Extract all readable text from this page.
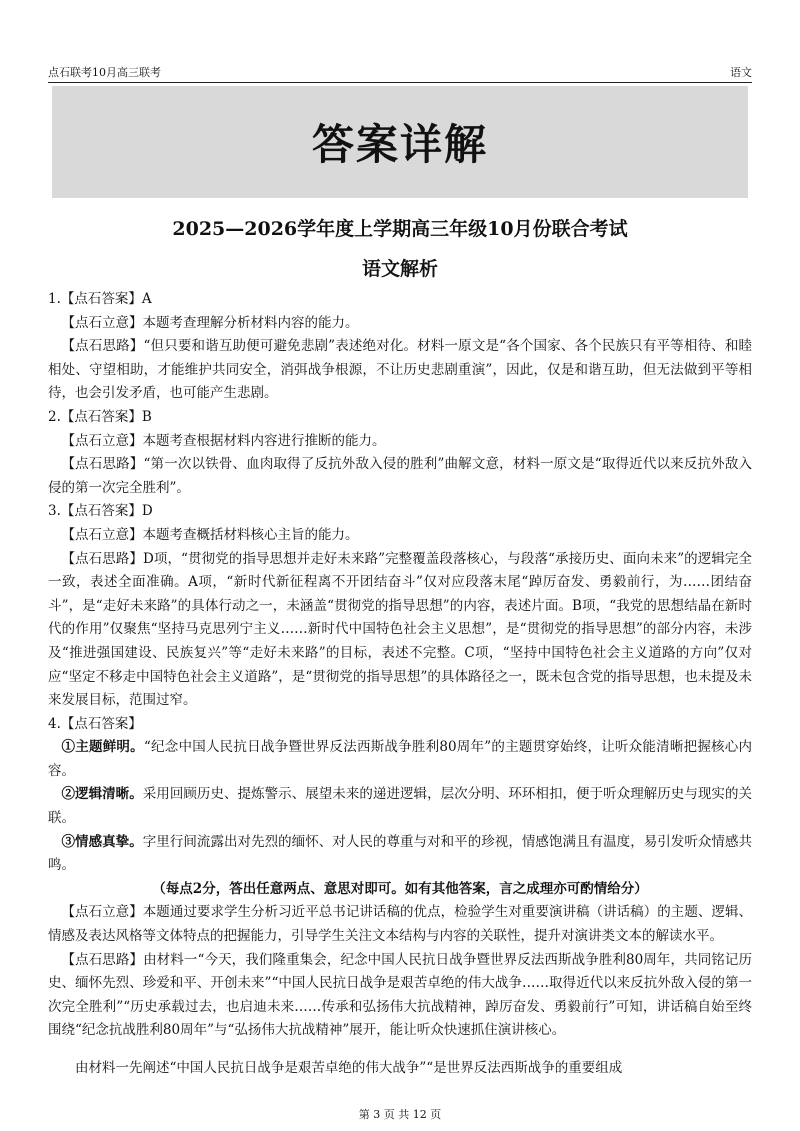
点石联考10月高三联考	语文
答案详解
2025—2026学年度上学期高三年级10月份联合考试
语文解析

1.【点石答案】A

【点石立意】本题考查理解分析材料内容的能力。

【点石思路】“但只要和谐互助便可避免悲剧”表述绝对化。材料一原文是“各个国家、各个民族只有平等相待、和睦相处、守望相助，才能维护共同安全，消弭战争根源，不让历史悲剧重演”，因此，仅是和谐互助，但无法做到平等相待，也会引发矛盾，也可能产生悲剧。

2.【点石答案】B

【点石立意】本题考查根据材料内容进行推断的能力。

【点石思路】“第一次以铁骨、血肉取得了反抗外敌入侵的胜利”曲解文意，材料一原文是“取得近代以来反抗外敌入侵的第一次完全胜利”。

3.【点石答案】D

【点石立意】本题考查概括材料核心主旨的能力。

【点石思路】D项，“贯彻党的指导思想并走好未来路”完整覆盖段落核心，与段落“承接历史、面向未来”的逻辑完全一致，表述全面准确。A项，“新时代新征程离不开团结奋斗”仅对应段落末尾“踔厉奋发、勇毅前行，为……团结奋斗”，是“走好未来路”的具体行动之一，未涵盖“贯彻党的指导思想”的内容，表述片面。B项，“我党的思想结晶在新时代的作用”仅聚焦“坚持马克思列宁主义……新时代中国特色社会主义思想”，是“贯彻党的指导思想”的部分内容，未涉及“推进强国建设、民族复兴”等“走好未来路”的目标，表述不完整。C项，“坚持中国特色社会主义道路的方向”仅对应“坚定不移走中国特色社会主义道路”，是“贯彻党的指导思想”的具体路径之一，既未包含党的指导思想，也未提及未来发展目标，范围过窄。

4.【点石答案】

①主题鲜明。“纪念中国人民抗日战争暨世界反法西斯战争胜利80周年”的主题贯穿始终，让听众能清晰把握核心内容。

②逻辑清晰。采用回顾历史、提炼警示、展望未来的递进逻辑，层次分明、环环相扣，便于听众理解历史与现实的关联。

③情感真挚。字里行间流露出对先烈的缅怀、对人民的尊重与对和平的珍视，情感饱满且有温度，易引发听众情感共鸣。

（每点2分，答出任意两点、意思对即可。如有其他答案，言之成理亦可酌情给分）

【点石立意】本题通过要求学生分析习近平总书记讲话稿的优点，检验学生对重要演讲稿（讲话稿）的主题、逻辑、情感及表达风格等文体特点的把握能力，引导学生关注文本结构与内容的关联性，提升对演讲类文本的解读水平。

【点石思路】由材料一“今天，我们隆重集会，纪念中国人民抗日战争暨世界反法西斯战争胜利80周年，共同铭记历史、缅怀先烈、珍爱和平、开创未来”“中国人民抗日战争是艰苦卓绝的伟大战争……取得近代以来反抗外敌入侵的第一次完全胜利”“历史承载过去，也启迪未来……传承和弘扬伟大抗战精神，踔厉奋发、勇毅前行”可知，讲话稿自始至终围绕“纪念抗战胜利80周年”与“弘扬伟大抗战精神”展开，能让听众快速抓住演讲核心。

由材料一先阐述“中国人民抗日战争是艰苦卓绝的伟大战争”“是世界反法西斯战争的重要组成

第 3 页 共 12 页
